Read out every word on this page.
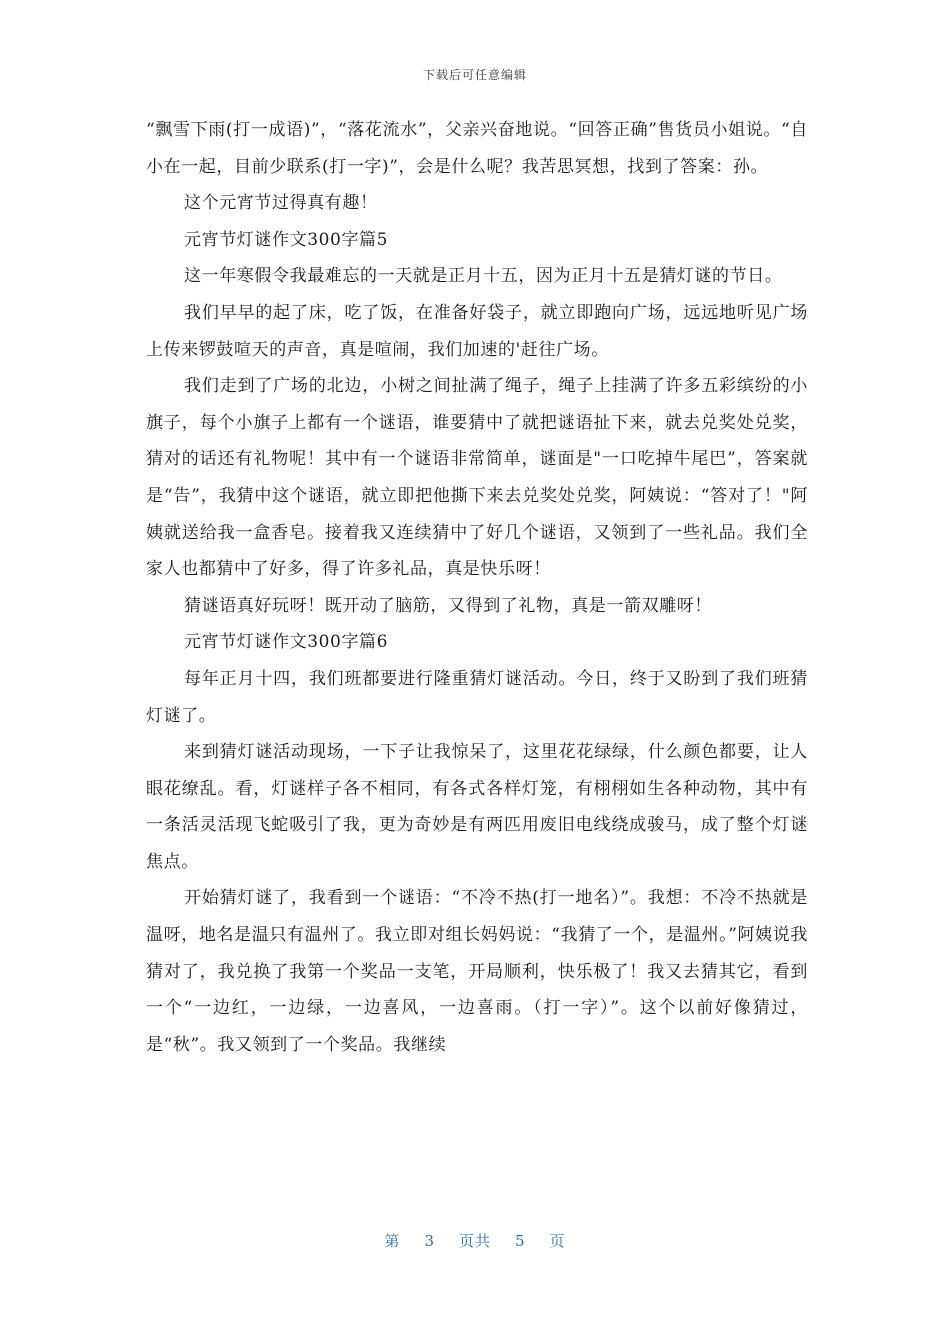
下载后可任意编辑

“飘雪下雨(打一成语)”，“落花流水”，父亲兴奋地说。“回答正确”售货员小姐说。“自小在一起，目前少联系(打一字)”，会是什么呢？我苦思冥想，找到了答案：孙。

这个元宵节过得真有趣！

元宵节灯谜作文300字篇5

这一年寒假令我最难忘的一天就是正月十五，因为正月十五是猜灯谜的节日。

我们早早的起了床，吃了饭，在准备好袋子，就立即跑向广场，远远地听见广场上传来锣鼓喧天的声音，真是喧闹，我们加速的'赶往广场。

我们走到了广场的北边，小树之间扯满了绳子，绳子上挂满了许多五彩缤纷的小旗子，每个小旗子上都有一个谜语，谁要猜中了就把谜语扯下来，就去兑奖处兑奖，猜对的话还有礼物呢！其中有一个谜语非常简单，谜面是"一口吃掉牛尾巴”，答案就是“告”，我猜中这个谜语，就立即把他撕下来去兑奖处兑奖，阿姨说：“答对了！"阿姨就送给我一盒香皂。接着我又连续猜中了好几个谜语，又领到了一些礼品。我们全家人也都猜中了好多，得了许多礼品，真是快乐呀！

猜谜语真好玩呀！既开动了脑筋，又得到了礼物，真是一箭双雕呀！

元宵节灯谜作文300字篇6

每年正月十四，我们班都要进行隆重猜灯谜活动。今日，终于又盼到了我们班猜灯谜了。

来到猜灯谜活动现场，一下子让我惊呆了，这里花花绿绿，什么颜色都要，让人眼花缭乱。看，灯谜样子各不相同，有各式各样灯笼，有栩栩如生各种动物，其中有一条活灵活现飞蛇吸引了我，更为奇妙是有两匹用废旧电线绕成骏马，成了整个灯谜焦点。

开始猜灯谜了，我看到一个谜语：“不冷不热(打一地名）”。我想：不冷不热就是温呀，地名是温只有温州了。我立即对组长妈妈说：“我猜了一个，是温州。”阿姨说我猜对了，我兑换了我第一个奖品一支笔，开局顺利，快乐极了！我又去猜其它，看到一个“一边红，一边绿，一边喜风，一边喜雨。（打一字）”。这个以前好像猜过，是“秋”。我又领到了一个奖品。我继续

第 3 页共 5 页
